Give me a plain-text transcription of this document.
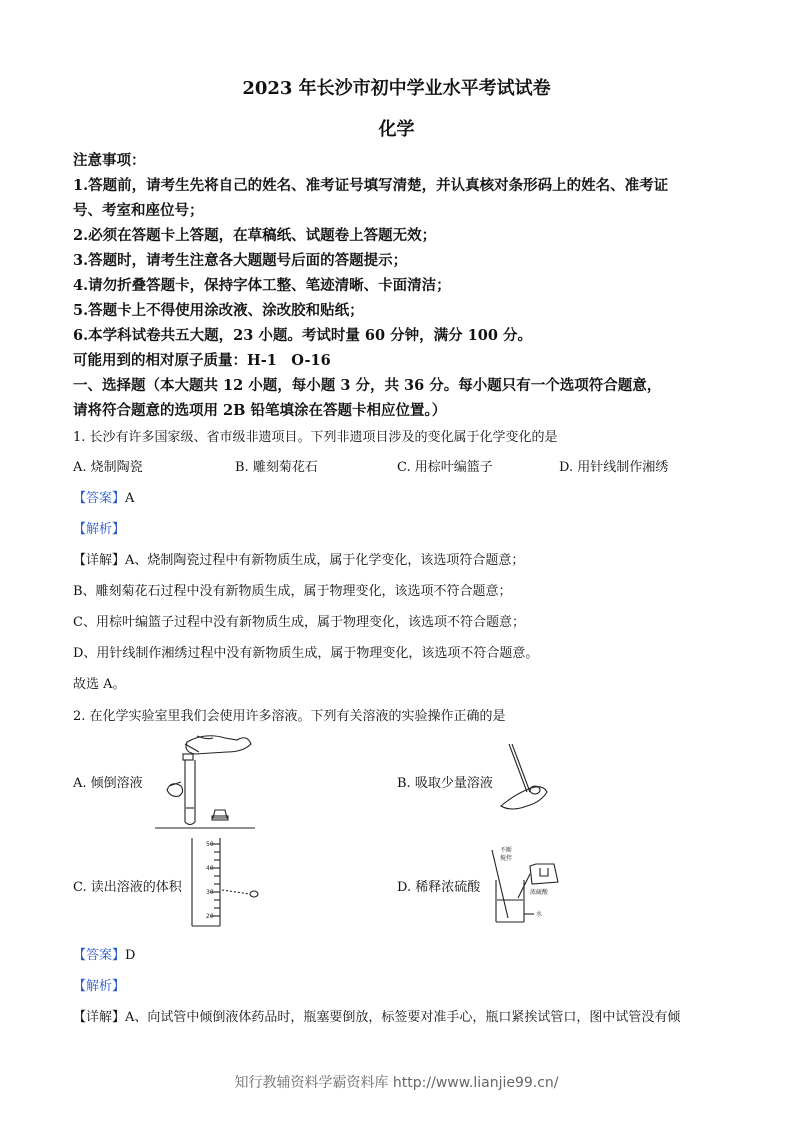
2023 年长沙市初中学业水平考试试卷
化学
注意事项：
1.答题前，请考生先将自己的姓名、准考证号填写清楚，并认真核对条形码上的姓名、准考证
号、考室和座位号；
2.必须在答题卡上答题，在草稿纸、试题卷上答题无效；
3.答题时，请考生注意各大题题号后面的答题提示；
4.请勿折叠答题卡，保持字体工整、笔迹清晰、卡面清洁；
5.答题卡上不得使用涂改液、涂改胶和贴纸；
6.本学科试卷共五大题，23 小题。考试时量 60 分钟，满分 100 分。
可能用到的相对原子质量：H-1　O-16
一、选择题（本大题共 12 小题，每小题 3 分，共 36 分。每小题只有一个选项符合题意，
请将符合题意的选项用 2B 铅笔填涂在答题卡相应位置。）
1. 长沙有许多国家级、省市级非遗项目。下列非遗项目涉及的变化属于化学变化的是
A. 烧制陶瓷	B. 雕刻菊花石	C. 用棕叶编篮子	D. 用针线制作湘绣
【答案】A
【解析】
【详解】A、烧制陶瓷过程中有新物质生成，属于化学变化，该选项符合题意；
B、雕刻菊花石过程中没有新物质生成，属于物理变化，该选项不符合题意；
C、用棕叶编篮子过程中没有新物质生成，属于物理变化，该选项不符合题意；
D、用针线制作湘绣过程中没有新物质生成，属于物理变化，该选项不符合题意。
故选 A。
2. 在化学实验室里我们会使用许多溶液。下列有关溶液的实验操作正确的是
A. 倾倒溶液	B. 吸取少量溶液
C. 读出溶液的体积
50
40
30
20
D. 稀释浓硫酸
不断
搅拌
浓硫酸
水
【答案】D
【解析】
【详解】A、向试管中倾倒液体药品时，瓶塞要倒放，标签要对准手心，瓶口紧挨试管口，图中试管没有倾
知行教辅资料学霸资料库 http://www.lianjie99.cn/
